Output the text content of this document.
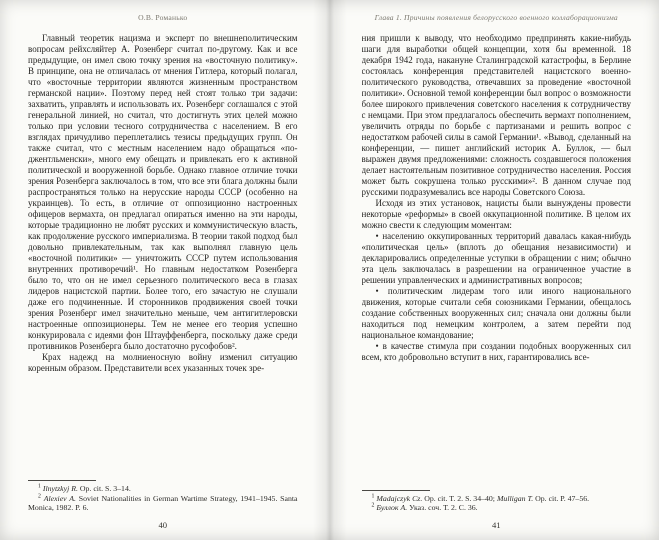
О.В. Романько

Главный теоретик нацизма и эксперт по внешнеполитическим вопросам рейхсляйтер А. Розенберг считал по-другому. Как и все предыдущие, он имел свою точку зрения на «восточную политику». В принципе, она не отличалась от мнения Гитлера, который полагал, что «восточные территории являются жизненным пространством германской нации». Поэтому перед ней стоят только три задачи: захватить, управлять и использовать их. Розенберг соглашался с этой генеральной линией, но считал, что достигнуть этих целей можно только при условии тесного сотрудничества с населением. В его взглядах причудливо переплетались тезисы предыдущих групп. Он также считал, что с местным населением надо обращаться «по-джентльменски», много ему обещать и привлекать его к активной политической и вооруженной борьбе. Однако главное отличие точки зрения Розенберга заключалось в том, что все эти блага должны были распространяться только на нерусские народы СССР (особенно на украинцев). То есть, в отличие от оппозиционно настроенных офицеров вермахта, он предлагал опираться именно на эти народы, которые традиционно не любят русских и коммунистическую власть, как продолжение русского империализма. В теории такой подход был довольно привлекательным, так как выполнял главную цель «восточной политики» — уничтожить СССР путем использования внутренних противоречий¹. Но главным недостатком Розенберга было то, что он не имел серьезного политического веса в глазах лидеров нацистской партии. Более того, его зачастую не слушали даже его подчиненные. И сторонников продвижения своей точки зрения Розенберг имел значительно меньше, чем антигитлеровски настроенные оппозиционеры. Тем не менее его теория успешно конкурировала с идеями фон Штауффенберга, поскольку даже среди противников Розенберга было достаточно русофобов².

Крах надежд на молниеносную войну изменил ситуацию коренным образом. Представители всех указанных точек зре-

$^1$ Ilnytzkyj R. Op. cit. S. 3–14.

$^2$ Alexiev A. Soviet Nationalities in German Wartime Strategy, 1941–1945. Santa Monica, 1982. P. 6.

40
Глава 1. Причины появления белорусского военного коллаборационизма

ния пришли к выводу, что необходимо предпринять какие-нибудь шаги для выработки общей концепции, хотя бы временной. 18 декабря 1942 года, накануне Сталинградской катастрофы, в Берлине состоялась конференция представителей нацистского военно-политического руководства, отвечавших за проведение «восточной политики». Основной темой конференции был вопрос о возможности более широкого привлечения советского населения к сотрудничеству с немцами. При этом предлагалось обеспечить вермахт пополнением, увеличить отряды по борьбе с партизанами и решить вопрос с недостатком рабочей силы в самой Германии¹. «Вывод, сделанный на конференции, — пишет английский историк А. Буллок, — был выражен двумя предложениями: сложность создавшегося положения делает настоятельным позитивное сотрудничество населения. Россия может быть сокрушена только русскими»². В данном случае под русскими подразумевались все народы Советского Союза.

Исходя из этих установок, нацисты были вынуждены провести некоторые «реформы» в своей оккупационной политике. В целом их можно свести к следующим моментам:

• населению оккупированных территорий давалась какая-нибудь «политическая цель» (вплоть до обещания независимости) и декларировались определенные уступки в обращении с ним; обычно эта цель заключалась в разрешении на ограниченное участие в решении управленческих и административных вопросов;

• политическим лидерам того или иного национального движения, которые считали себя союзниками Германии, обещалось создание собственных вооруженных сил; сначала они должны были находиться под немецким контролем, а затем перейти под национальное командование;

• в качестве стимула при создании подобных вооруженных сил всем, кто добровольно вступит в них, гарантировались все-

$^1$ Madajczyk Cz. Op. cit. T. 2. S. 34–40; Mulligan T. Op. cit. P. 47–56.

$^2$ Буллок А. Указ. соч. Т. 2. С. 36.

41
